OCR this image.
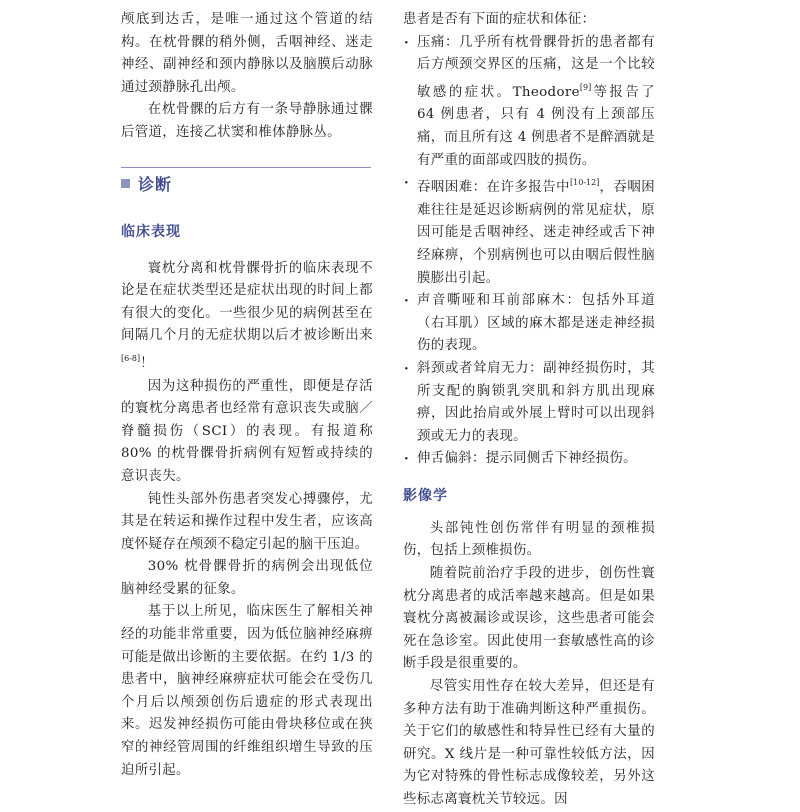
颅底到达舌，是唯一通过这个管道的结构。在枕骨髁的稍外侧，舌咽神经、迷走神经、副神经和颈内静脉以及脑膜后动脉通过颈静脉孔出颅。

在枕骨髁的后方有一条导静脉通过髁后管道，连接乙状窦和椎体静脉丛。

诊断

临床表现

寰枕分离和枕骨髁骨折的临床表现不论是在症状类型还是症状出现的时间上都有很大的变化。一些很少见的病例甚至在间隔几个月的无症状期以后才被诊断出来[6-8]！

因为这种损伤的严重性，即便是存活的寰枕分离患者也经常有意识丧失或脑／脊髓损伤（SCI）的表现。有报道称 80% 的枕骨髁骨折病例有短暂或持续的意识丧失。

钝性头部外伤患者突发心搏骤停，尤其是在转运和操作过程中发生者，应该高度怀疑存在颅颈不稳定引起的脑干压迫。

30% 枕骨髁骨折的病例会出现低位脑神经受累的征象。

基于以上所见，临床医生了解相关神经的功能非常重要，因为低位脑神经麻痹可能是做出诊断的主要依据。在约 1/3 的患者中，脑神经麻痹症状可能会在受伤几个月后以颅颈创伤后遗症的形式表现出来。迟发神经损伤可能由骨块移位或在狭窄的神经管周围的纤维组织增生导致的压迫所引起。

患者是否有下面的症状和体征：

· 压痛：几乎所有枕骨髁骨折的患者都有后方颅颈交界区的压痛，这是一个比较敏感的症状。Theodore[9]等报告了 64 例患者，只有 4 例没有上颈部压痛，而且所有这 4 例患者不是醉酒就是有严重的面部或四肢的损伤。
· 吞咽困难：在许多报告中[10-12]，吞咽困难往往是延迟诊断病例的常见症状，原因可能是舌咽神经、迷走神经或舌下神经麻痹，个别病例也可以由咽后假性脑膜膨出引起。
· 声音嘶哑和耳前部麻木：包括外耳道（右耳肌）区域的麻木都是迷走神经损伤的表现。
· 斜颈或者耸肩无力：副神经损伤时，其所支配的胸锁乳突肌和斜方肌出现麻痹，因此抬肩或外展上臂时可以出现斜颈或无力的表现。
· 伸舌偏斜：提示同侧舌下神经损伤。

影像学

头部钝性创伤常伴有明显的颈椎损伤，包括上颈椎损伤。

随着院前治疗手段的进步，创伤性寰枕分离患者的成活率越来越高。但是如果寰枕分离被漏诊或误诊，这些患者可能会死在急诊室。因此使用一套敏感性高的诊断手段是很重要的。

尽管实用性存在较大差异，但还是有多种方法有助于准确判断这种严重损伤。关于它们的敏感性和特异性已经有大量的研究。X 线片是一种可靠性较低方法，因为它对特殊的骨性标志成像较差，另外这些标志离寰枕关节较远。因
